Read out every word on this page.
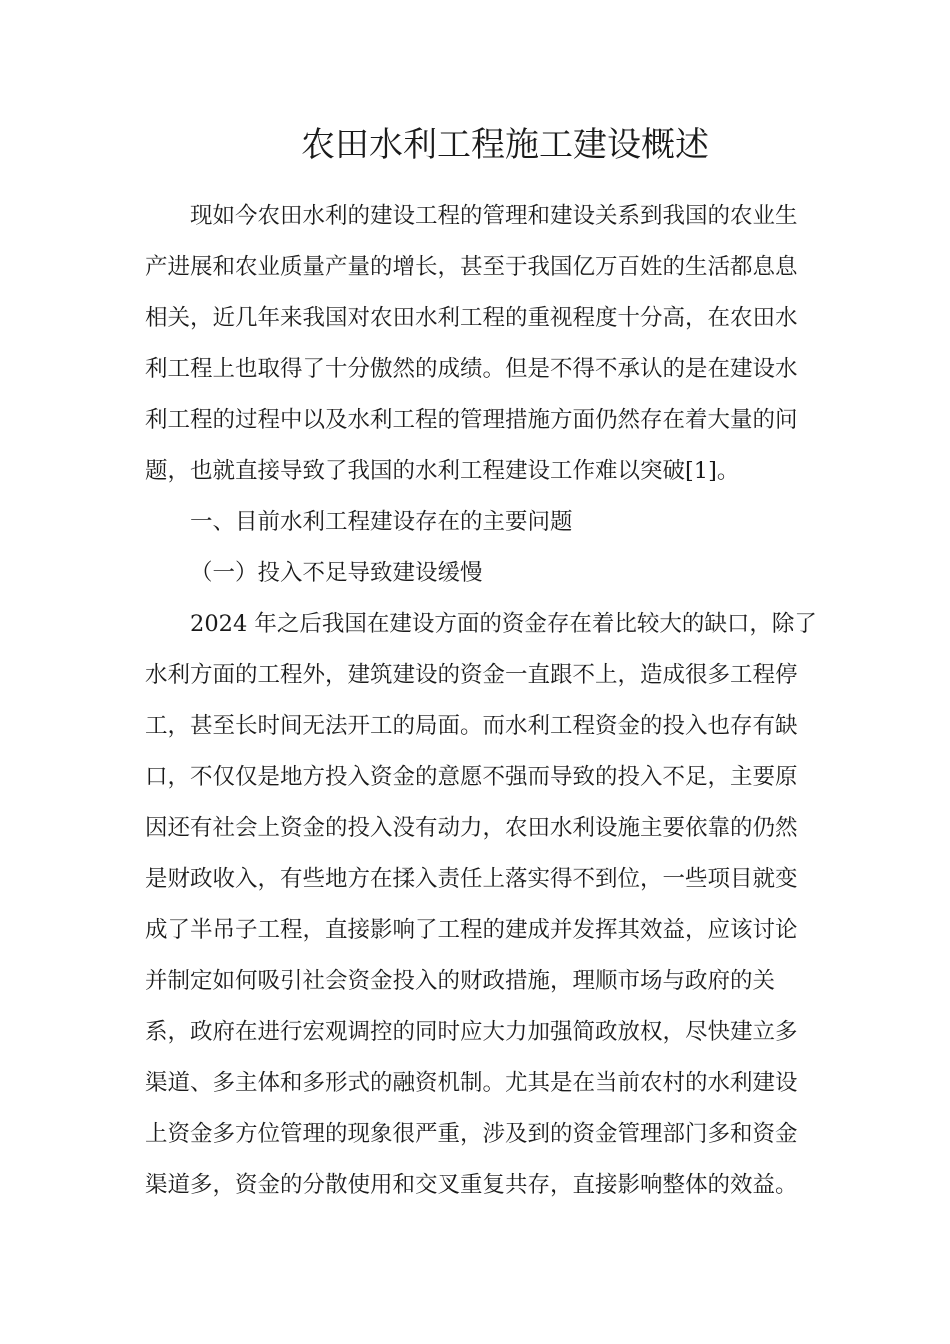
农田水利工程施工建设概述
现如今农田水利的建设工程的管理和建设关系到我国的农业生
产进展和农业质量产量的增长，甚至于我国亿万百姓的生活都息息
相关，近几年来我国对农田水利工程的重视程度十分高，在农田水
利工程上也取得了十分傲然的成绩。但是不得不承认的是在建设水
利工程的过程中以及水利工程的管理措施方面仍然存在着大量的问
题，也就直接导致了我国的水利工程建设工作难以突破[1]。
一、目前水利工程建设存在的主要问题
（一）投入不足导致建设缓慢
2024 年之后我国在建设方面的资金存在着比较大的缺口，除了
水利方面的工程外，建筑建设的资金一直跟不上，造成很多工程停
工，甚至长时间无法开工的局面。而水利工程资金的投入也存有缺
口，不仅仅是地方投入资金的意愿不强而导致的投入不足，主要原
因还有社会上资金的投入没有动力，农田水利设施主要依靠的仍然
是财政收入，有些地方在揉入责任上落实得不到位，一些项目就变
成了半吊子工程，直接影响了工程的建成并发挥其效益，应该讨论
并制定如何吸引社会资金投入的财政措施，理顺市场与政府的关
系，政府在进行宏观调控的同时应大力加强简政放权，尽快建立多
渠道、多主体和多形式的融资机制。尤其是在当前农村的水利建设
上资金多方位管理的现象很严重，涉及到的资金管理部门多和资金
渠道多，资金的分散使用和交叉重复共存，直接影响整体的效益。
